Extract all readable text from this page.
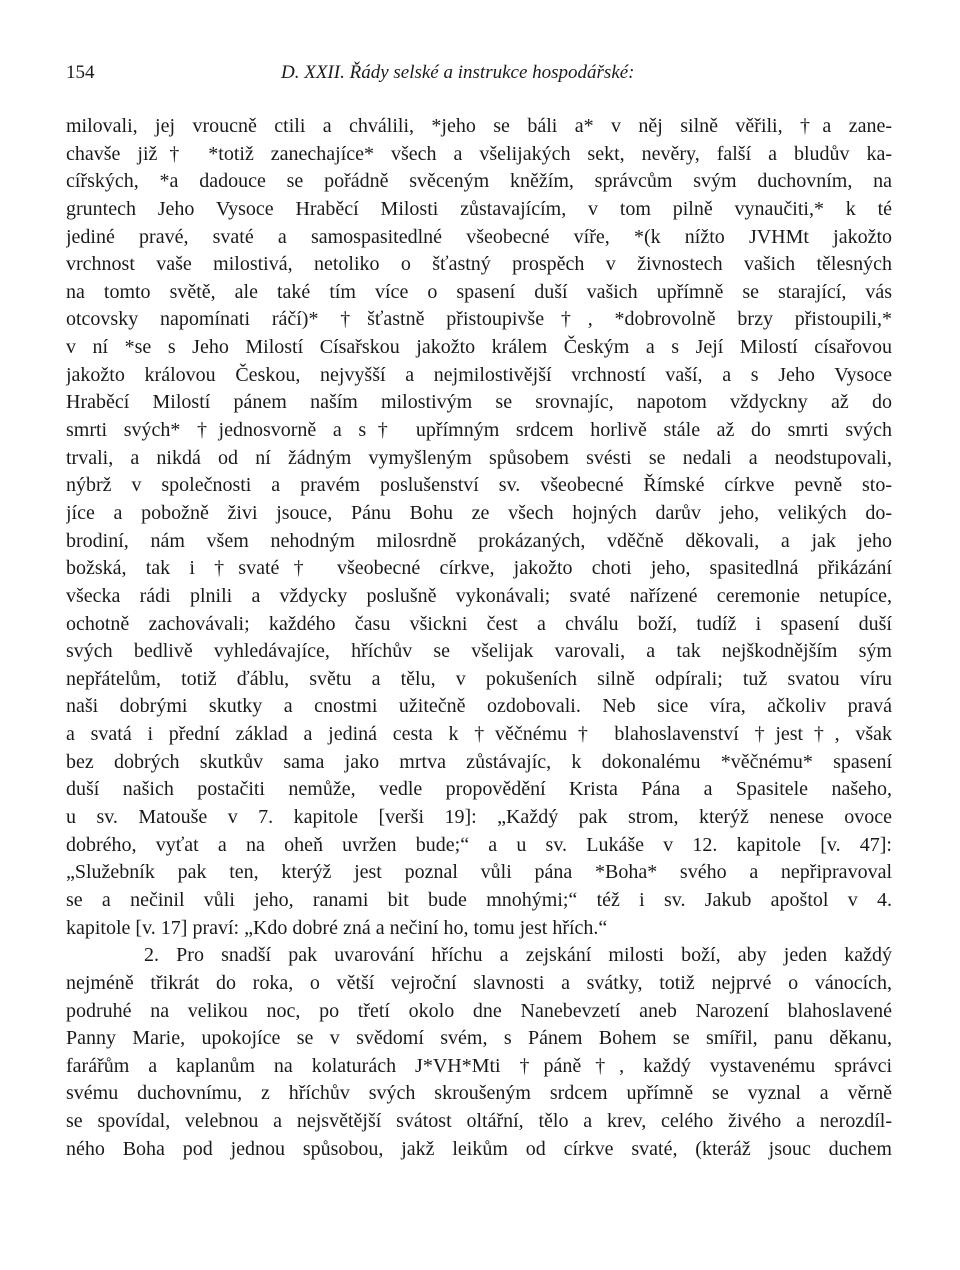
154	D. XXII. Řády selské a instrukce hospodářské:
milovali, jej vroucně ctili a chválili, *jeho se báli a* v něj silně věřili, †a zane-
chavše již† *totiž zanechajíce* všech a všelijakých sekt, nevěry, falší a bludův ka-
cířských, *a dadouce se pořádně svěceným kněžím, správcům svým duchovním, na
gruntech Jeho Vysoce Hraběcí Milosti zůstavajícím, v tom pilně vynaučiti,* k té
jediné pravé, svaté a samospasitedlné všeobecné víře, *(k nížto JVHMt jakožto
vrchnost vaše milostivá, netoliko o šťastný prospěch v živnostech vašich tělesných
na tomto světě, ale také tím více o spasení duší vašich upřímně se starající, vás
otcovsky napomínati ráčí)* †šťastně přistoupivše†, *dobrovolně brzy přistoupili,*
v ní *se s Jeho Milostí Císařskou jakožto králem Českým a s Její Milostí císařovou
jakožto královou Českou, nejvyšší a nejmilostivější vrchností vaší, a s Jeho Vysoce
Hraběcí Milostí pánem naším milostivým se srovnajíc, napotom vždyckny až do
smrti svých* †jednosvorně a s† upřímným srdcem horlivě stále až do smrti svých
trvali, a nikdá od ní žádným vymyšleným spůsobem svésti se nedali a neodstupovali,
nýbrž v společnosti a pravém poslušenství sv. všeobecné Římské církve pevně sto-
jíce a pobožně živi jsouce, Pánu Bohu ze všech hojných darův jeho, velikých do-
brodiní, nám všem nehodným milosrdně prokázaných, vděčně děkovali, a jak jeho
božská, tak i †svaté† všeobecné církve, jakožto choti jeho, spasitedlná přikázání
všecka rádi plnili a vždycky poslušně vykonávali; svaté nařízené ceremonie netupíce,
ochotně zachovávali; každého času všickni čest a chválu boží, tudíž i spasení duší
svých bedlivě vyhledávajíce, hříchův se všelijak varovali, a tak nejškodnějším sým
nepřátelům, totiž ďáblu, světu a tělu, v pokušeních silně odpírali; tuž svatou víru
naši dobrými skutky a cnostmi užitečně ozdobovali. Neb sice víra, ačkoliv pravá
a svatá i přední základ a jediná cesta k †věčnému† blahoslavenství †jest†, však
bez dobrých skutkův sama jako mrtva zůstávajíc, k dokonalému *věčnému* spasení
duší našich postačiti nemůže, vedle propovědění Krista Pána a Spasitele našeho,
u sv. Matouše v 7. kapitole [verši 19]: „Každý pak strom, kterýž nenese ovoce
dobrého, vyťat a na oheň uvržen bude;“ a u sv. Lukáše v 12. kapitole [v. 47]:
„Služebník pak ten, kterýž jest poznal vůli pána *Boha* svého a nepřipravoval
se a nečinil vůli jeho, ranami bit bude mnohými;“ též i sv. Jakub apoštol v 4.
kapitole [v. 17] praví: „Kdo dobré zná a nečiní ho, tomu jest hřích.“
2. Pro snadší pak uvarování hříchu a zejskání milosti boží, aby jeden každý
nejméně třikrát do roka, o větší vejroční slavnosti a svátky, totiž nejprvé o vánocích,
podruhé na velikou noc, po třetí okolo dne Nanebevzetí aneb Narození blahoslavené
Panny Marie, upokojíce se v svědomí svém, s Pánem Bohem se smířil, panu děkanu,
farářům a kaplanům na kolaturách J*VH*Mti †páně†, každý vystavenému správci
svému duchovnímu, z hříchův svých skroušeným srdcem upřímně se vyznal a věrně
se spovídal, velebnou a nejsvětější svátost oltářní, tělo a krev, celého živého a nerozdíl-
ného Boha pod jednou spůsobou, jakž leikům od církve svaté, (kteráž jsouc duchem
